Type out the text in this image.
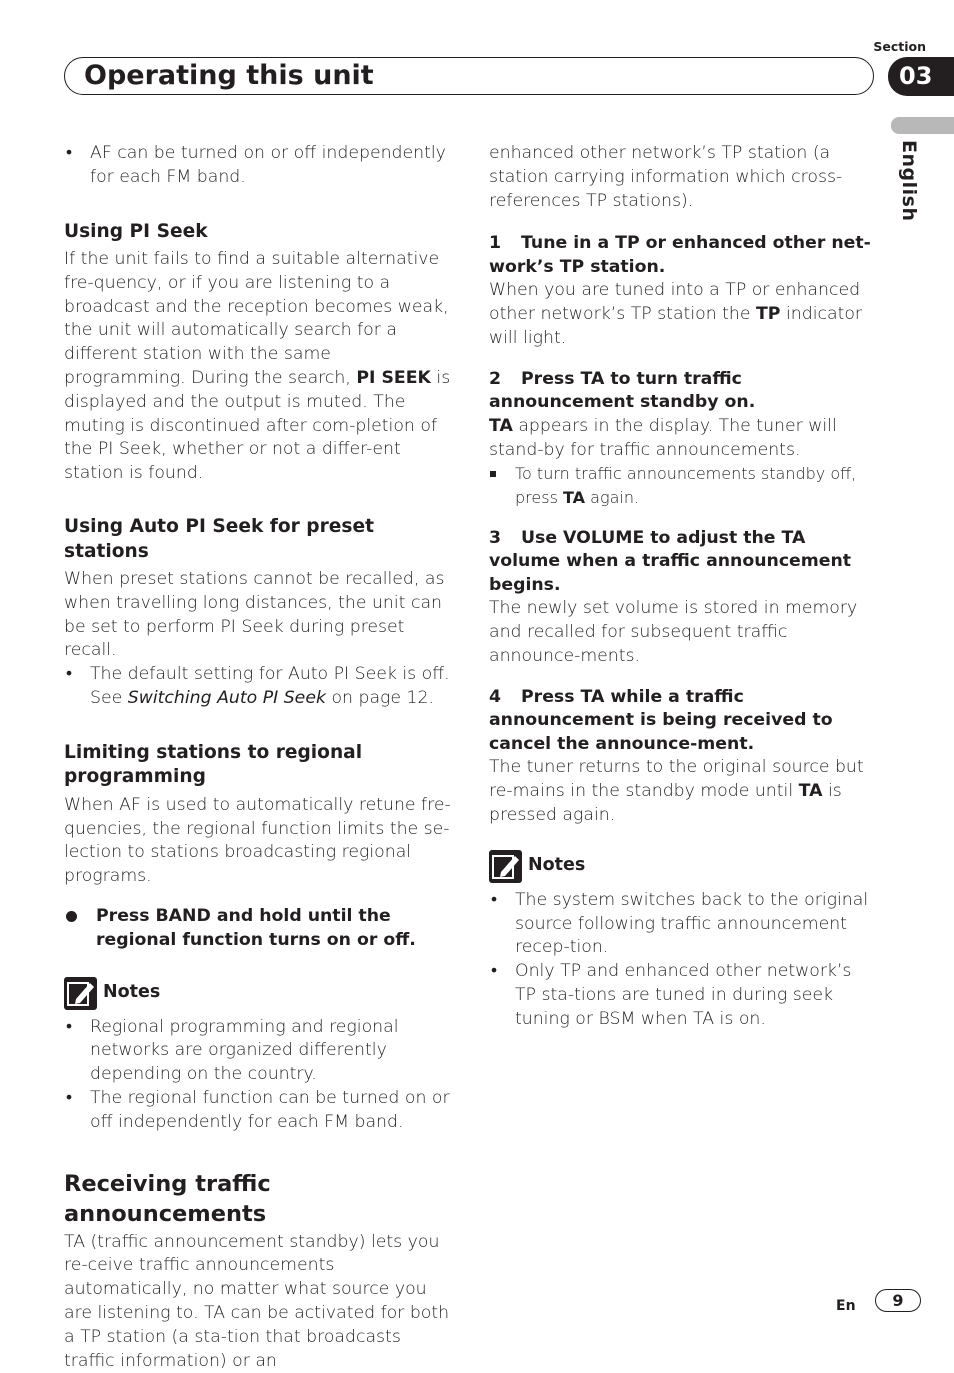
Operating this unit
Section
03
English

• AF can be turned on or off independently for each FM band.

Using PI Seek

If the unit fails to find a suitable alternative fre-quency, or if you are listening to a broadcast and the reception becomes weak, the unit will automatically search for a different station with the same programming. During the search, PI SEEK is displayed and the output is muted. The muting is discontinued after com-pletion of the PI Seek, whether or not a differ-ent station is found.

Using Auto PI Seek for preset stations

When preset stations cannot be recalled, as when travelling long distances, the unit can be set to perform PI Seek during preset recall.

• The default setting for Auto PI Seek is off. See Switching Auto PI Seek on page 12.

Limiting stations to regional programming

When AF is used to automatically retune fre-quencies, the regional function limits the se-lection to stations broadcasting regional programs.

Press BAND and hold until the regional function turns on or off.

Notes

• Regional programming and regional networks are organized differently depending on the country.

• The regional function can be turned on or off independently for each FM band.

Receiving traffic announcements

TA (traffic announcement standby) lets you re-ceive traffic announcements automatically, no matter what source you are listening to. TA can be activated for both a TP station (a sta-tion that broadcasts traffic information) or an

enhanced other network’s TP station (a station carrying information which cross-references TP stations).

1 Tune in a TP or enhanced other net-work’s TP station.

When you are tuned into a TP or enhanced other network’s TP station the TP indicator will light.

2 Press TA to turn traffic announcement standby on.

TA appears in the display. The tuner will stand-by for traffic announcements.

To turn traffic announcements standby off, press TA again.

3 Use VOLUME to adjust the TA volume when a traffic announcement begins.

The newly set volume is stored in memory and recalled for subsequent traffic announce-ments.

4 Press TA while a traffic announcement is being received to cancel the announce-ment.

The tuner returns to the original source but re-mains in the standby mode until TA is pressed again.

Notes

• The system switches back to the original source following traffic announcement recep-tion.

• Only TP and enhanced other network’s TP sta-tions are tuned in during seek tuning or BSM when TA is on.

En	9
